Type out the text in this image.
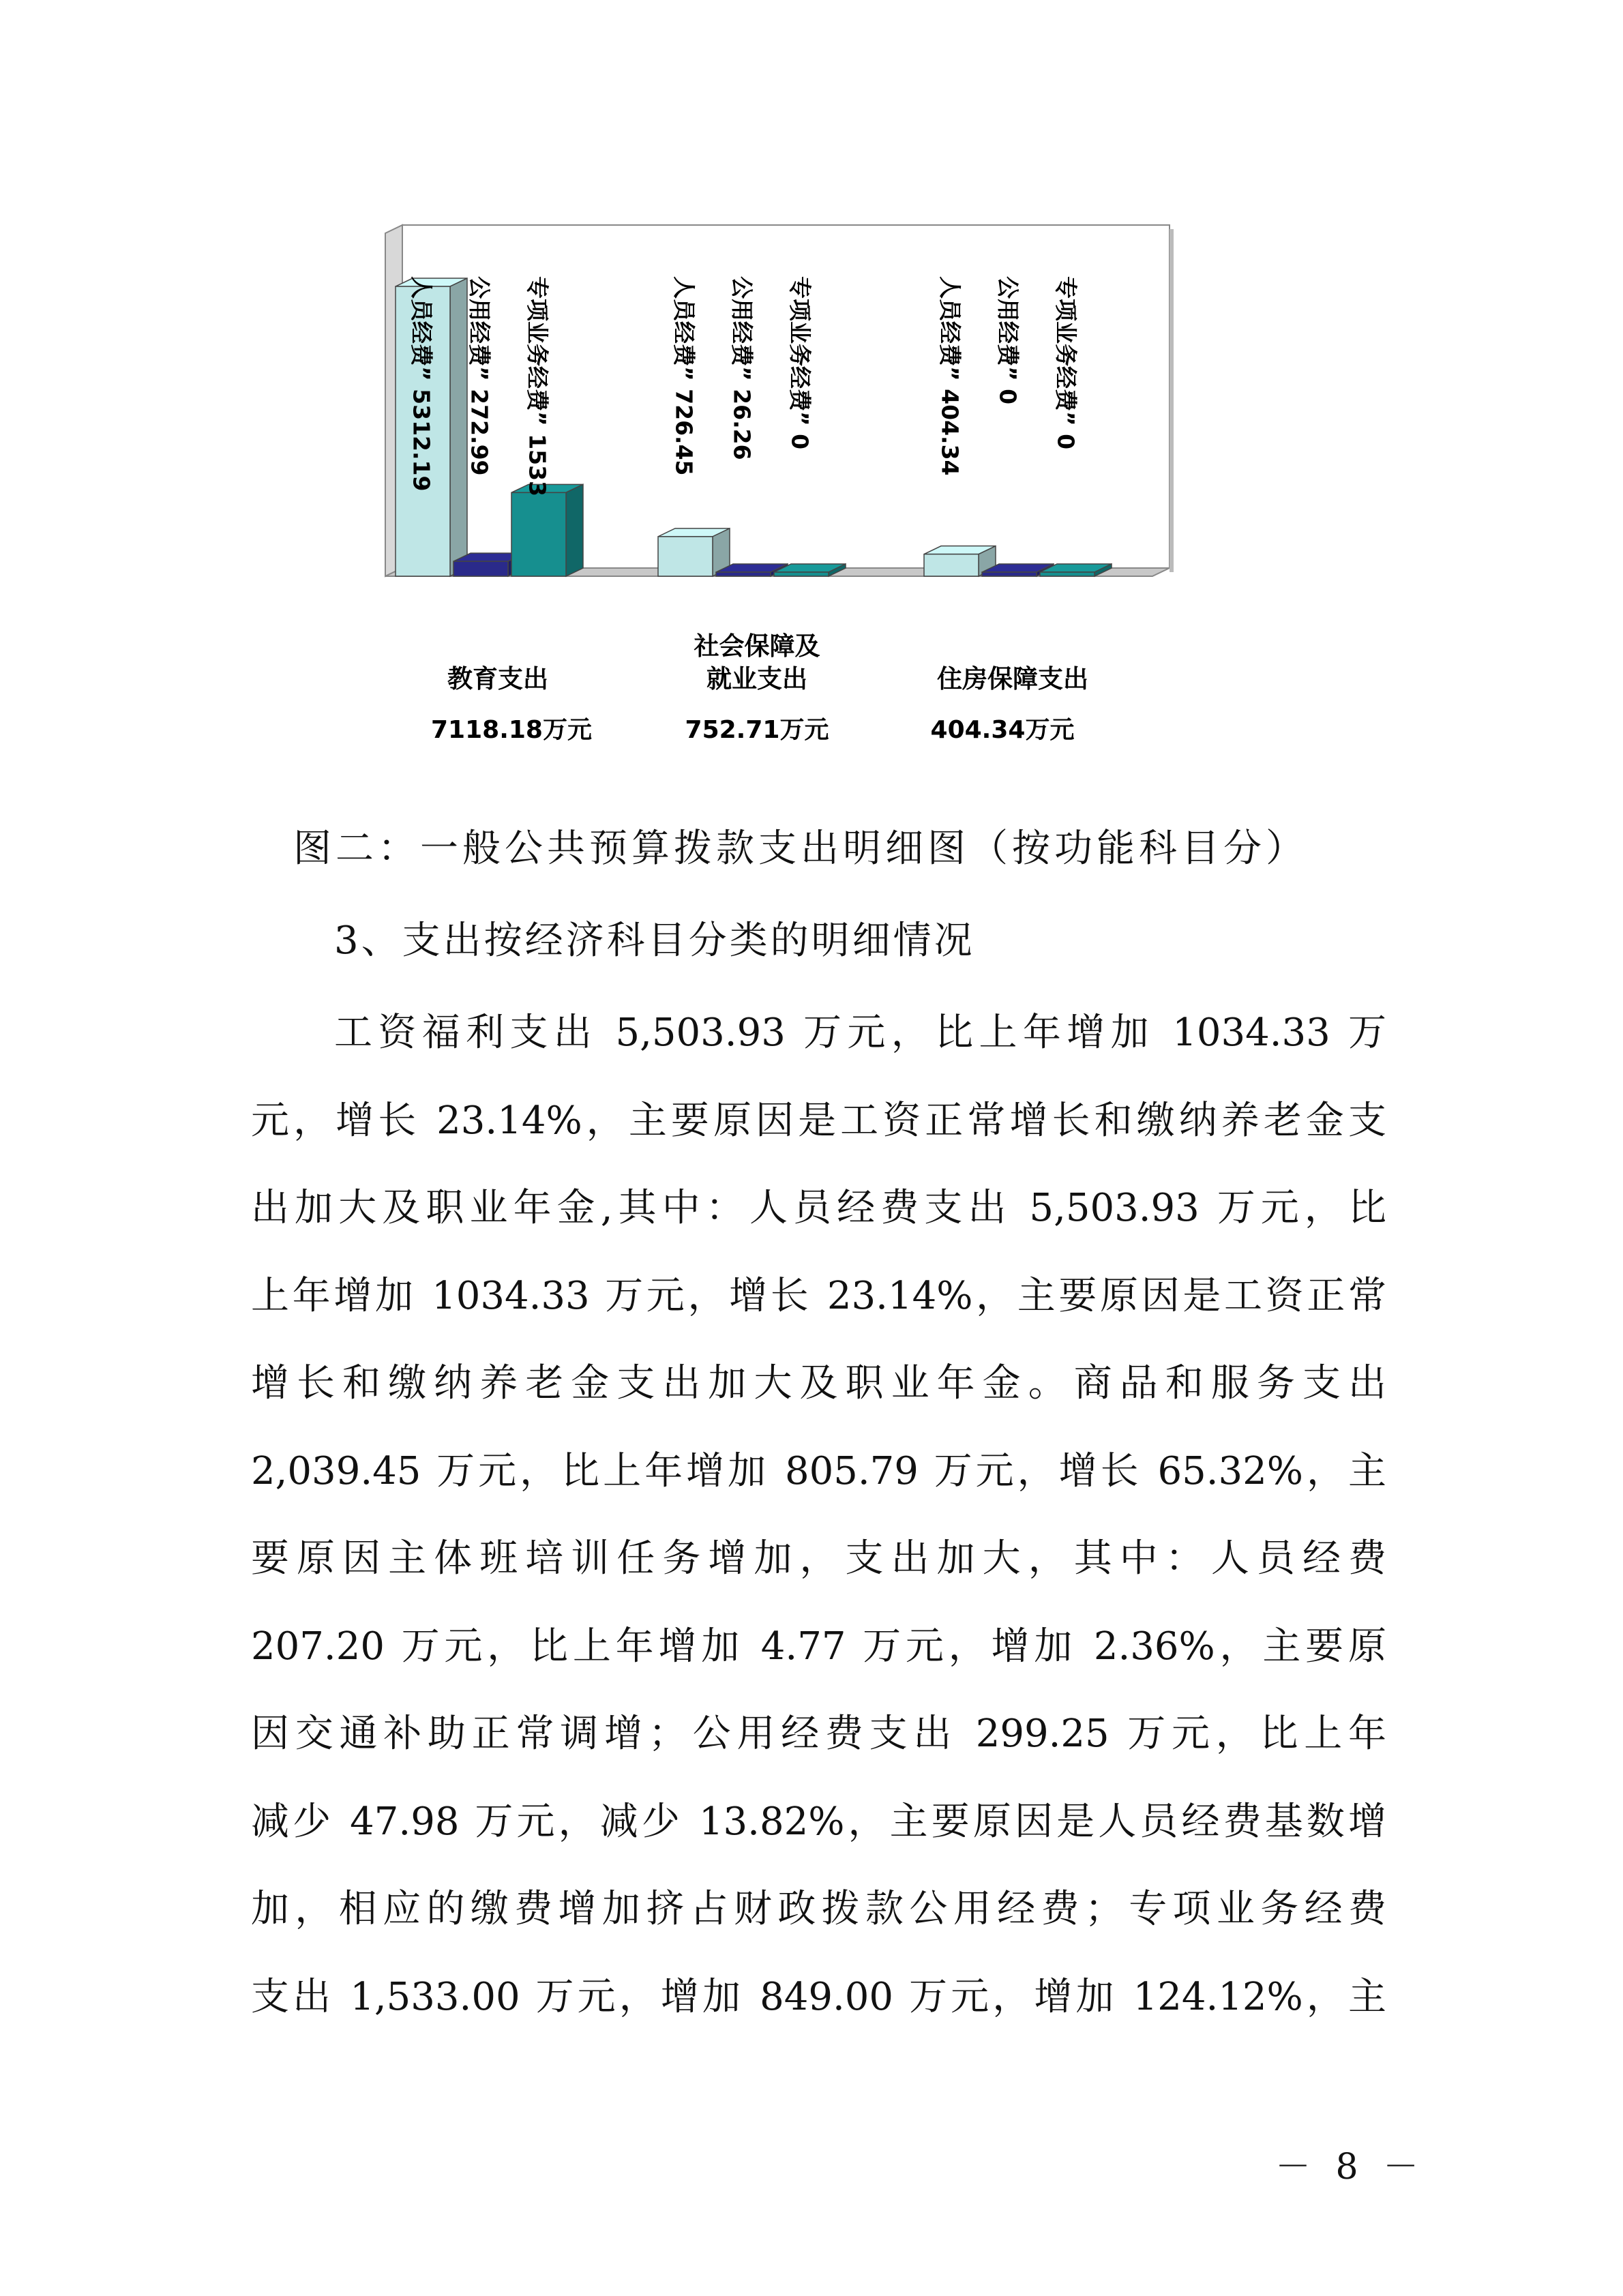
人员经费” 5312.19	人员经费” 726.45	人员经费” 404.34
公用经费” 272.99	公用经费” 26.26	公用经费” 0
专项业务经费” 1533	专项业务经费” 0	专项业务经费” 0
教育支出
7118.18万元
社会保障及
就业支出
752.71万元
住房保障支出
404.34万元
图二：一般公共预算拨款支出明细图（按功能科目分）
3、支出按经济科目分类的明细情况
工资福利支出 5,503.93 万元，比上年增加 1034.33 万
元，增长 23.14%，主要原因是工资正常增长和缴纳养老金支
出加大及职业年金,其中：人员经费支出 5,503.93 万元，比
上年增加 1034.33 万元，增长 23.14%，主要原因是工资正常
增长和缴纳养老金支出加大及职业年金。商品和服务支出
2,039.45 万元，比上年增加 805.79 万元，增长 65.32%，主
要原因主体班培训任务增加，支出加大，其中：人员经费
207.20 万元，比上年增加 4.77 万元，增加 2.36%，主要原
因交通补助正常调增；公用经费支出 299.25 万元，比上年
减少 47.98 万元，减少 13.82%，主要原因是人员经费基数增
加，相应的缴费增加挤占财政拨款公用经费；专项业务经费
支出 1,533.00 万元，增加 849.00 万元，增加 124.12%，主
－ 8 －
